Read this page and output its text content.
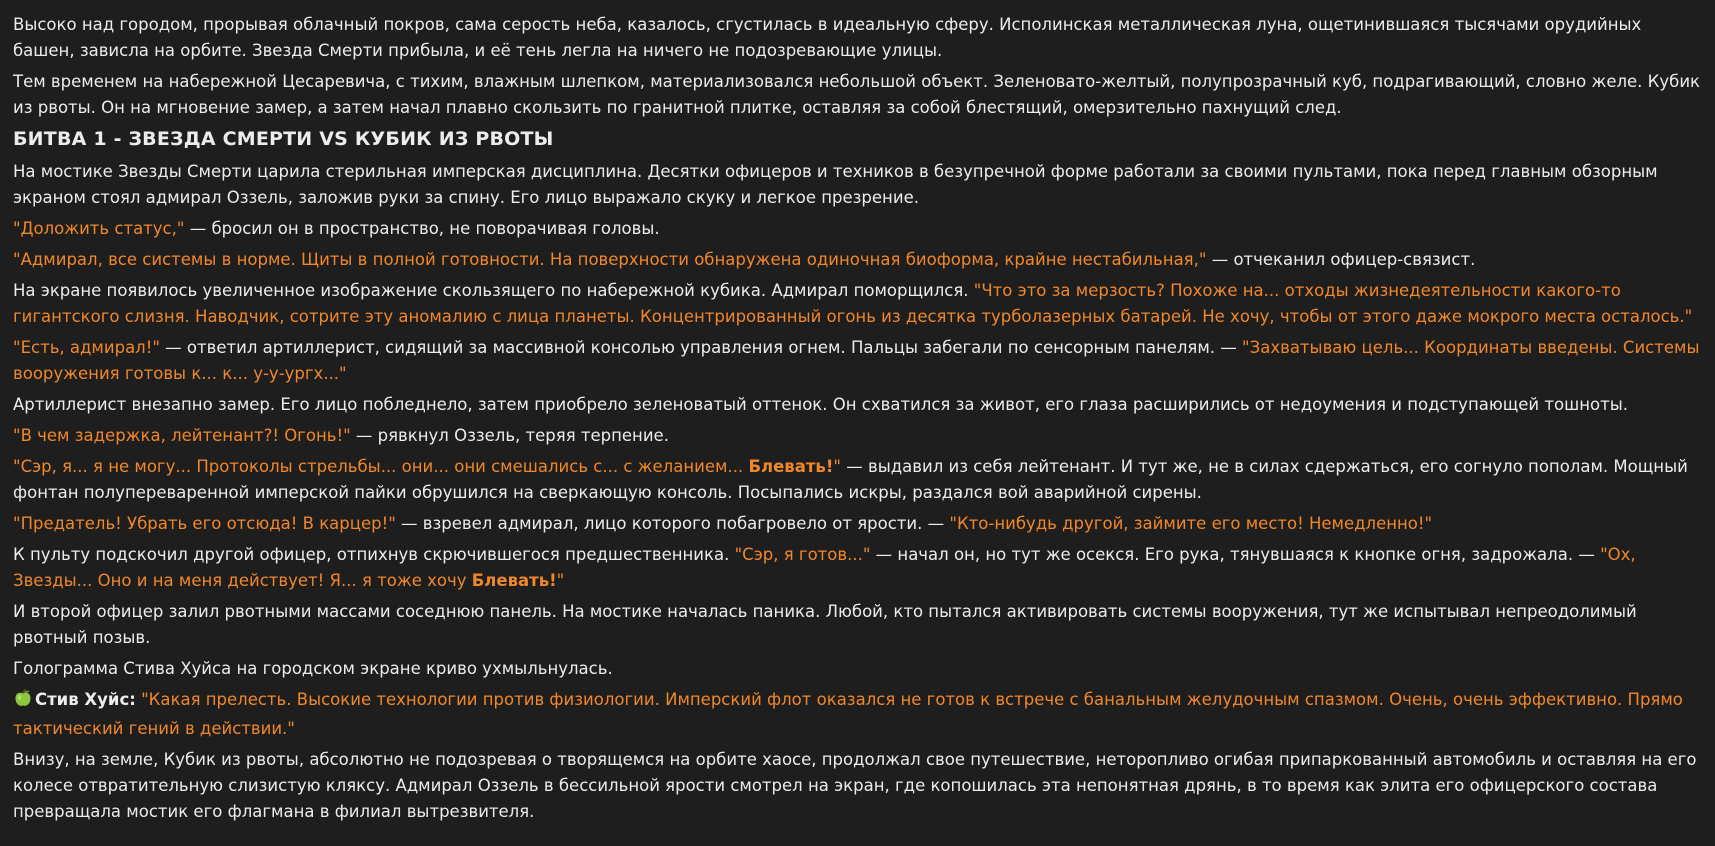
Высоко над городом, прорывая облачный покров, сама серость неба, казалось, сгустилась в идеальную сферу. Исполинская металлическая луна, ощетинившаяся тысячами орудийных башен, зависла на орбите. Звезда Смерти прибыла, и её тень легла на ничего не подозревающие улицы.

Тем временем на набережной Цесаревича, с тихим, влажным шлепком, материализовался небольшой объект. Зеленовато-желтый, полупрозрачный куб, подрагивающий, словно желе. Кубик из рвоты. Он на мгновение замер, а затем начал плавно скользить по гранитной плитке, оставляя за собой блестящий, омерзительно пахнущий след.

БИТВА 1 - ЗВЕЗДА СМЕРТИ VS КУБИК ИЗ РВОТЫ

На мостике Звезды Смерти царила стерильная имперская дисциплина. Десятки офицеров и техников в безупречной форме работали за своими пультами, пока перед главным обзорным экраном стоял адмирал Оззель, заложив руки за спину. Его лицо выражало скуку и легкое презрение.

"Доложить статус," — бросил он в пространство, не поворачивая головы.

"Адмирал, все системы в норме. Щиты в полной готовности. На поверхности обнаружена одиночная биоформа, крайне нестабильная," — отчеканил офицер-связист.

На экране появилось увеличенное изображение скользящего по набережной кубика. Адмирал поморщился. "Что это за мерзость? Похоже на... отходы жизнедеятельности какого-то гигантского слизня. Наводчик, сотрите эту аномалию с лица планеты. Концентрированный огонь из десятка турболазерных батарей. Не хочу, чтобы от этого даже мокрого места осталось."

"Есть, адмирал!" — ответил артиллерист, сидящий за массивной консолью управления огнем. Пальцы забегали по сенсорным панелям. — "Захватываю цель... Координаты введены. Системы вооружения готовы к... к... у-у-ургх..."

Артиллерист внезапно замер. Его лицо побледнело, затем приобрело зеленоватый оттенок. Он схватился за живот, его глаза расширились от недоумения и подступающей тошноты.

"В чем задержка, лейтенант?! Огонь!" — рявкнул Оззель, теряя терпение.

"Сэр, я... я не могу... Протоколы стрельбы... они... они смешались с... с желанием... Блевать!" — выдавил из себя лейтенант. И тут же, не в силах сдержаться, его согнуло пополам. Мощный фонтан полупереваренной имперской пайки обрушился на сверкающую консоль. Посыпались искры, раздался вой аварийной сирены.

"Предатель! Убрать его отсюда! В карцер!" — взревел адмирал, лицо которого побагровело от ярости. — "Кто-нибудь другой, займите его место! Немедленно!"

К пульту подскочил другой офицер, отпихнув скрючившегося предшественника. "Сэр, я готов..." — начал он, но тут же осекся. Его рука, тянувшаяся к кнопке огня, задрожала. — "Ох, Звезды... Оно и на меня действует! Я... я тоже хочу Блевать!"

И второй офицер залил рвотными массами соседнюю панель. На мостике началась паника. Любой, кто пытался активировать системы вооружения, тут же испытывал непреодолимый рвотный позыв.

Голограмма Стива Хуйса на городском экране криво ухмыльнулась.

Стив Хуйс: "Какая прелесть. Высокие технологии против физиологии. Имперский флот оказался не готов к встрече с банальным желудочным спазмом. Очень, очень эффективно. Прямо тактический гений в действии."

Внизу, на земле, Кубик из рвоты, абсолютно не подозревая о творящемся на орбите хаосе, продолжал свое путешествие, неторопливо огибая припаркованный автомобиль и оставляя на его колесе отвратительную слизистую кляксу. Адмирал Оззель в бессильной ярости смотрел на экран, где копошилась эта непонятная дрянь, в то время как элита его офицерского состава превращала мостик его флагмана в филиал вытрезвителя.
